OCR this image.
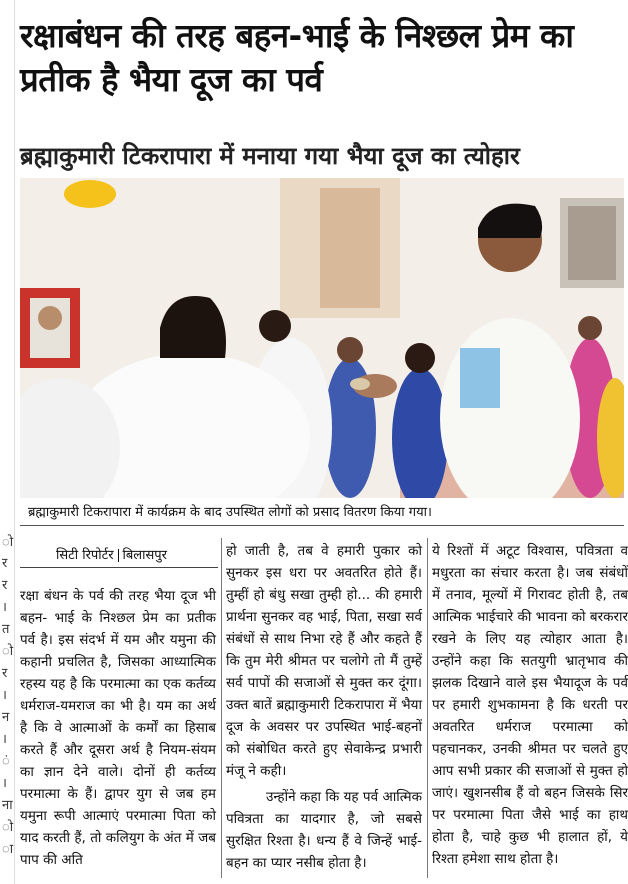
ो
र
र
।
त
ो
र
।
न
।
ं
।
ना
ो
ा
रक्षाबंधन की तरह बहन-भाई के निश्छल प्रेम का प्रतीक है भैया दूज का पर्व
ब्रह्माकुमारी टिकरापारा में मनाया गया भैया दूज का त्योहार
ब्रह्माकुमारी टिकरापारा में कार्यक्रम के बाद उपस्थित लोगों को प्रसाद वितरण किया गया।
सिटी रिपोर्टर बिलासपुर
रक्षा बंधन के पर्व की तरह भैया दूज भी बहन- भाई के निश्छल प्रेम का प्रतीक पर्व है। इस संदर्भ में यम और यमुना की कहानी प्रचलित है, जिसका आध्यात्मिक रहस्य यह है कि परमात्मा का एक कर्तव्य धर्मराज-यमराज का भी है। यम का अर्थ है कि वे आत्माओं के कर्मों का हिसाब करते हैं और दूसरा अर्थ है नियम-संयम का ज्ञान देने वाले। दोनों ही कर्तव्य परमात्मा के हैं। द्वापर युग से जब हम यमुना रूपी आत्माएं परमात्मा पिता को याद करती हैं, तो कलियुग के अंत में जब पाप की अति
हो जाती है, तब वे हमारी पुकार को सुनकर इस धरा पर अवतरित होते हैं। तुम्हीं हो बंधु सखा तुम्ही हो... की हमारी प्रार्थना सुनकर वह भाई, पिता, सखा सर्व संबंधों से साथ निभा रहे हैं और कहते हैं कि तुम मेरी श्रीमत पर चलोगे तो मैं तुम्हें सर्व पापों की सजाओं से मुक्त कर दूंगा। उक्त बातें ब्रह्माकुमारी टिकरापारा में भैया दूज के अवसर पर उपस्थित भाई-बहनों को संबोधित करते हुए सेवाकेन्द्र प्रभारी मंजू ने कही।
उन्होंने कहा कि यह पर्व आत्मिक पवित्रता का यादगार है, जो सबसे सुरक्षित रिश्ता है। धन्य हैं वे जिन्हें भाई-बहन का प्यार नसीब होता है।
ये रिश्तों में अटूट विश्वास, पवित्रता व मधुरता का संचार करता है। जब संबंधों में तनाव, मूल्यों में गिरावट होती है, तब आत्मिक भाईचारे की भावना को बरकरार रखने के लिए यह त्योहार आता है। उन्होंने कहा कि सतयुगी भ्रातृभाव की झलक दिखाने वाले इस भैयादूज के पर्व पर हमारी शुभकामना है कि धरती पर अवतरित धर्मराज परमात्मा को पहचानकर, उनकी श्रीमत पर चलते हुए आप सभी प्रकार की सजाओं से मुक्त हो जाएं। खुशनसीब हैं वो बहन जिसके सिर पर परमात्मा पिता जैसे भाई का हाथ होता है, चाहे कुछ भी हालात हों, ये रिश्ता हमेशा साथ होता है।
